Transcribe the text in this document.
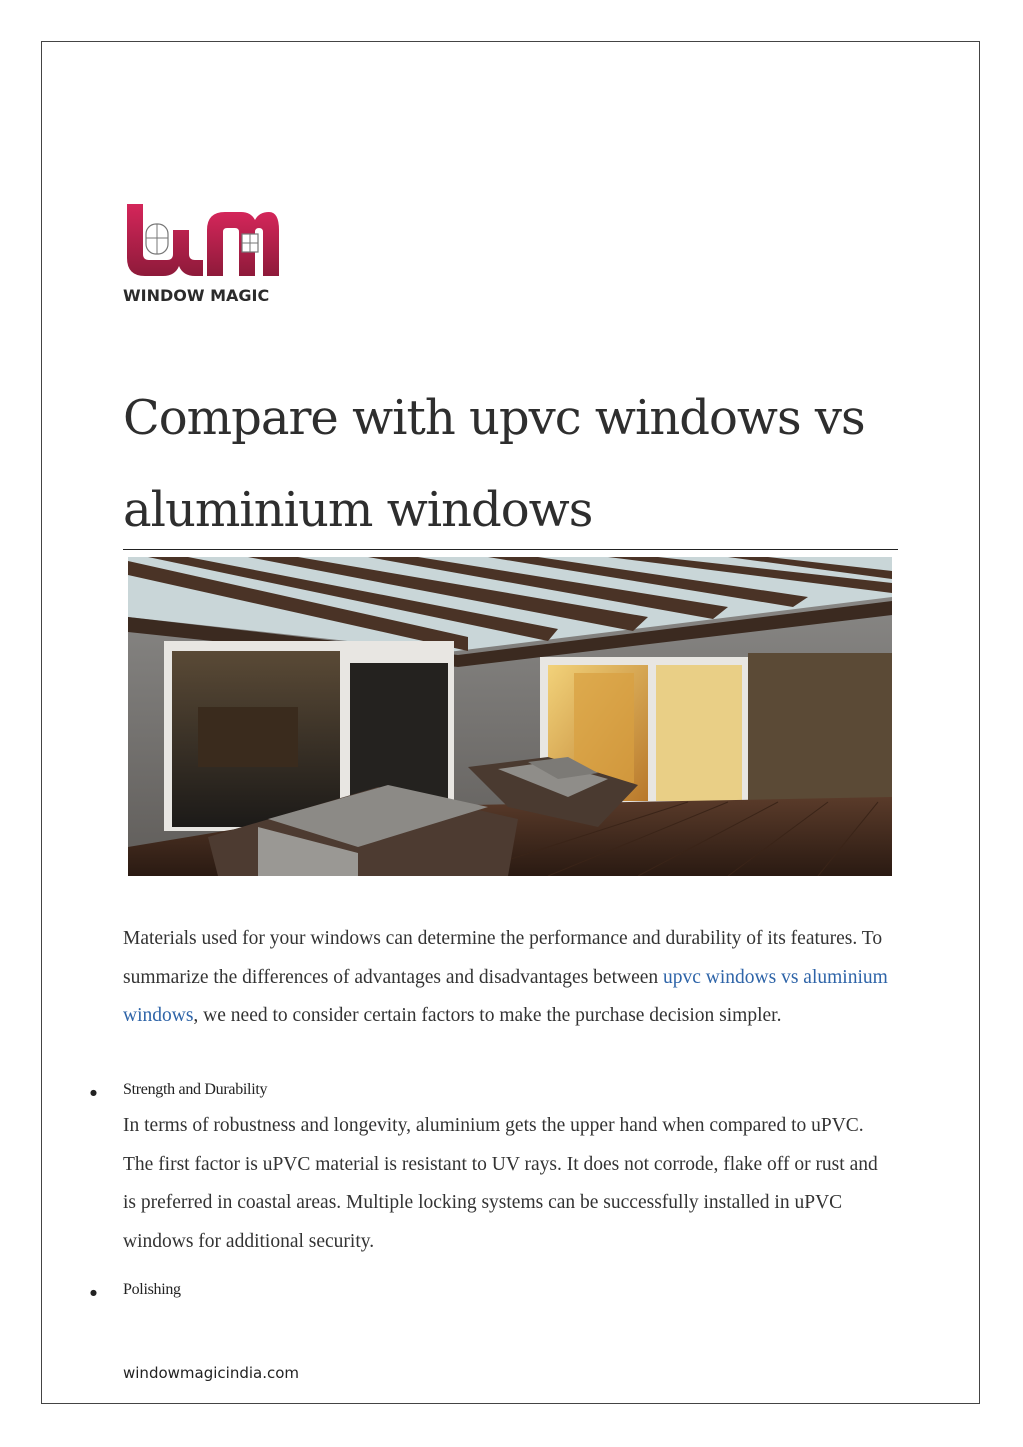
WINDOW MAGIC
Compare with upvc windows vs aluminium windows

Materials used for your windows can determine the performance and durability of its features. To summarize the differences of advantages and disadvantages between upvc windows vs aluminium windows, we need to consider certain factors to make the purchase decision simpler.

● Strength and Durability

In terms of robustness and longevity, aluminium gets the upper hand when compared to uPVC. The first factor is uPVC material is resistant to UV rays. It does not corrode, flake off or rust and is preferred in coastal areas. Multiple locking systems can be successfully installed in uPVC windows for additional security.

● Polishing
windowmagicindia.com
